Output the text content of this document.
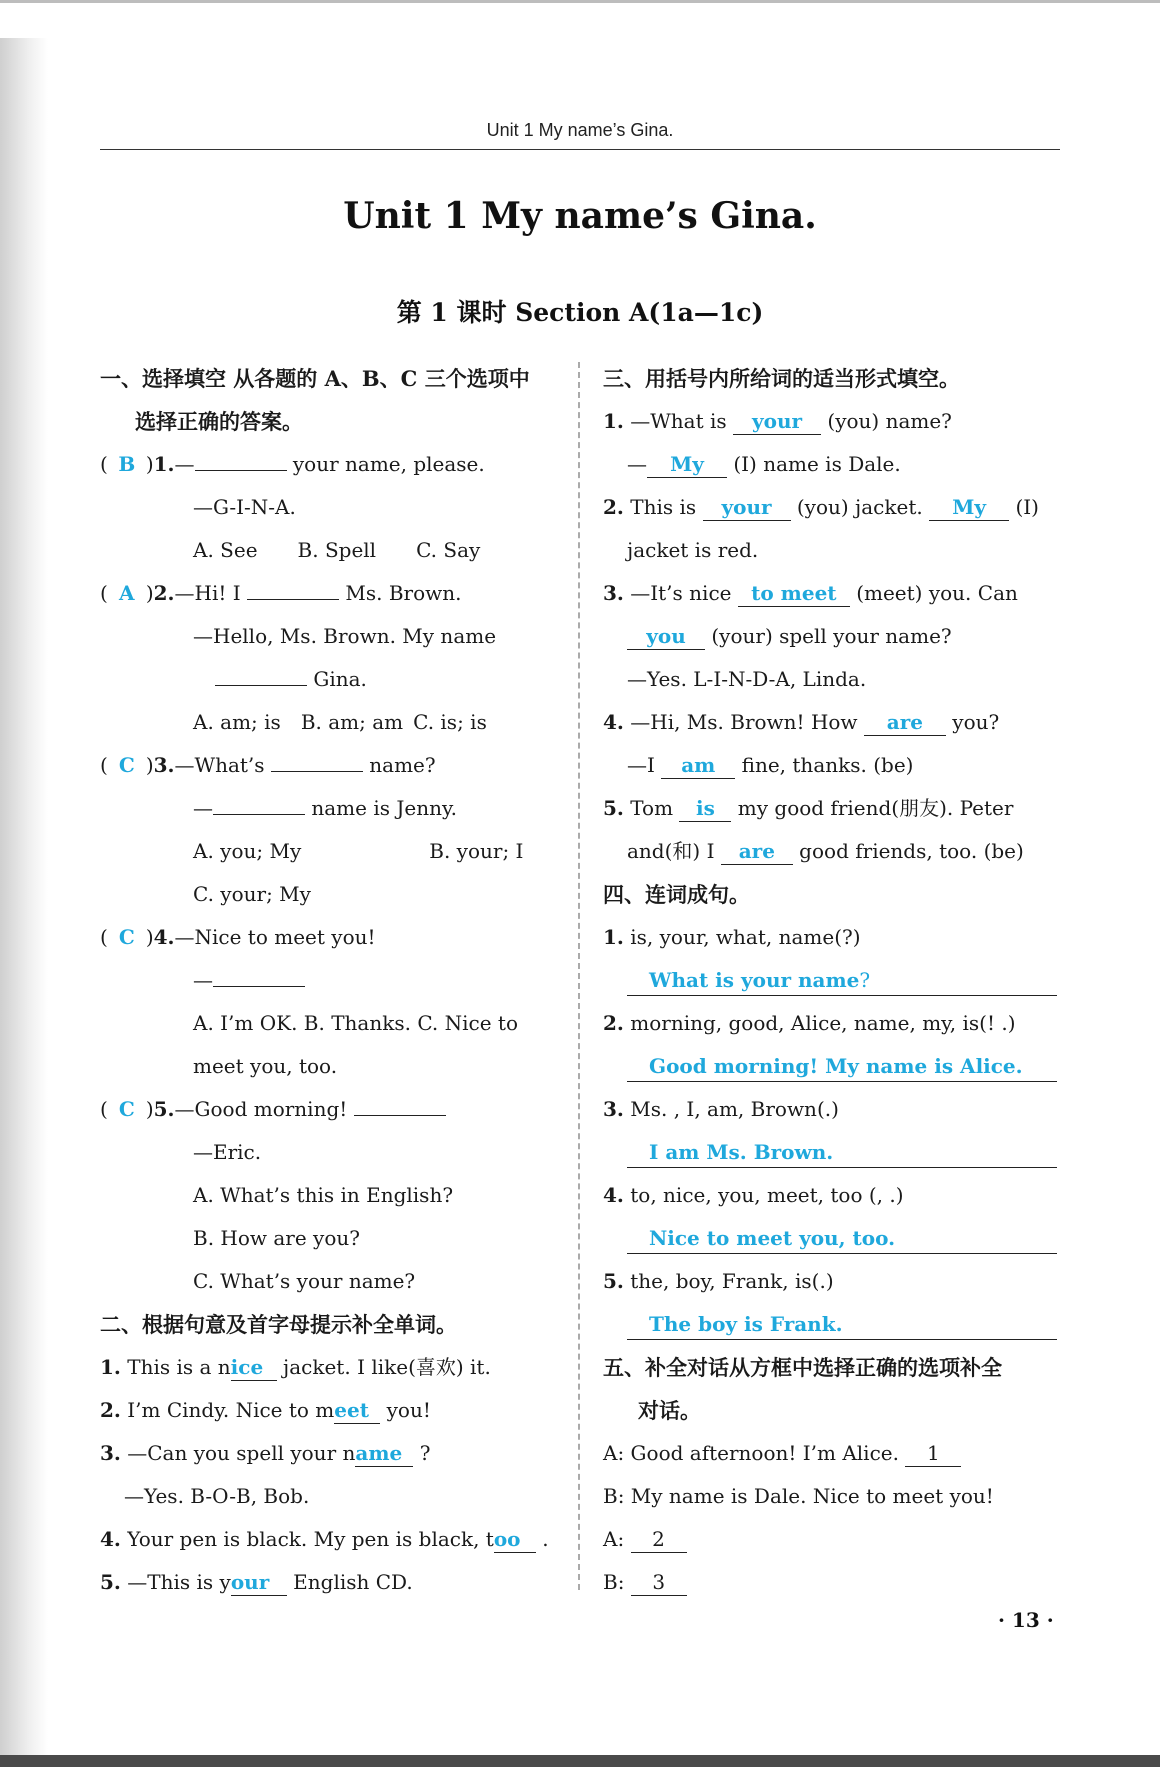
Unit 1 My name’s Gina.
Unit 1 My name’s Gina.
第 1 课时 Section A(1a—1c)
一、选择填空 从各题的 A、B、C 三个选项中
选择正确的答案。
( B )1.—	your name, please.
—G-I-N-A.
A. See B. Spell C. Say
( A )2.—Hi! I	Ms. Brown.
—Hello, Ms. Brown. My name
Gina.
A. am; is B. am; am C. is; is
( C )3.—What’s	name?
—	name is Jenny.
A. you; My	B. your; I
C. your; My
( C )4.—Nice to meet you!
—
A. I’m OK. B. Thanks. C. Nice to
meet you, too.
( C )5.—Good morning!
—Eric.
A. What’s this in English?
B. How are you?
C. What’s your name?
二、根据句意及首字母提示补全单词。
1. This is a nice jacket. I like(喜欢) it.
2. I’m Cindy. Nice to meet you!
3. —Can you spell your name ?
—Yes. B-O-B, Bob.
4. Your pen is black. My pen is black, too .
5. —This is your English CD.
三、用括号内所给词的适当形式填空。
1. —What is your (you) name?
— My (I) name is Dale.
2. This is your (you) jacket. My (I)
jacket is red.
3. —It’s nice to meet (meet) you. Can
you (your) spell your name?
—Yes. L-I-N-D-A, Linda.
4. —Hi, Ms. Brown! How are you?
—I am fine, thanks. (be)
5. Tom is my good friend(朋友). Peter
and(和) I are good friends, too. (be)
四、连词成句。
1. is, your, what, name(?)
What is your name?
2. morning, good, Alice, name, my, is(! .)
Good morning! My name is Alice.
3. Ms. , I, am, Brown(.)
I am Ms. Brown.
4. to, nice, you, meet, too (, .)
Nice to meet you, too.
5. the, boy, Frank, is(.)
The boy is Frank.
五、补全对话从方框中选择正确的选项补全
对话。
A: Good afternoon! I’m Alice. 1
B: My name is Dale. Nice to meet you!
A: 2
B: 3
· 13 ·
